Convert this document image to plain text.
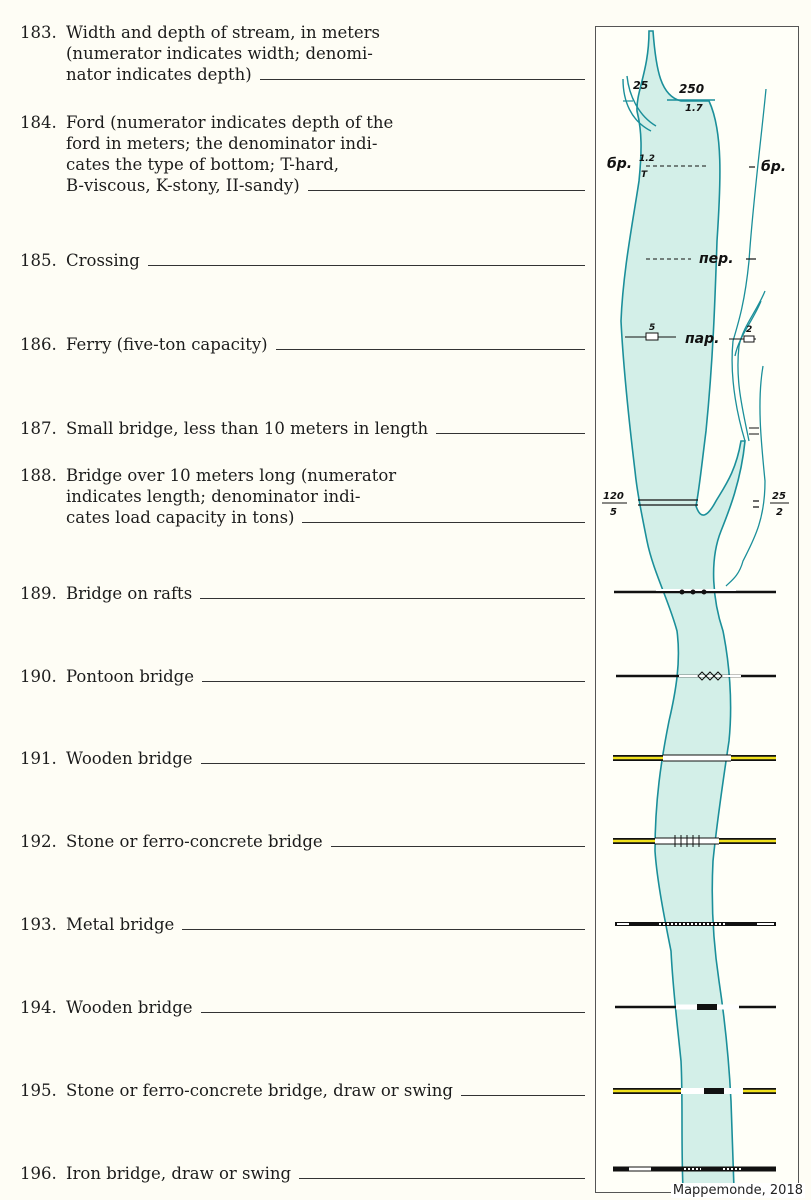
183. Width and depth of stream, in meters
(numerator indicates width; denomi-
nator indicates depth)
184. Ford (numerator indicates depth of the
ford in meters; the denominator indi-
cates the type of bottom; T-hard,
B-viscous, K-stony, II-sandy)
185. Crossing
186. Ferry (five-ton capacity)
187. Small bridge, less than 10 meters in length
188. Bridge over 10 meters long (numerator
indicates length; denominator indi-
cates load capacity in tons)
189. Bridge on rafts
190. Pontoon bridge
191. Wooden bridge
192. Stone or ferro-concrete bridge
193. Metal bridge
194. Wooden bridge
195. Stone or ferro-concrete bridge, draw or swing
196. Iron bridge, draw or swing
25	250
1.7
бр. 1.2
T	бр.
пер.
5
пар.
2
120
5
25
2
Mappemonde, 2018
